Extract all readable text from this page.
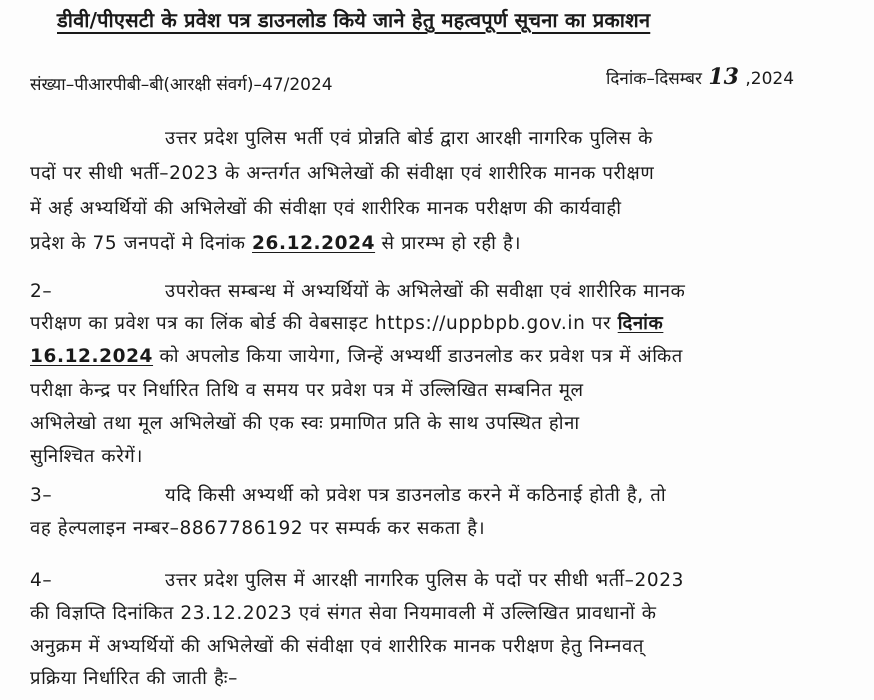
डीवी/पीएसटी के प्रवेश पत्र डाउनलोड किये जाने हेतु महत्वपूर्ण सूचना का प्रकाशन
संख्या–पीआरपीबी–बी(आरक्षी संवर्ग)–47/2024	दिनांक–दिसम्बर 13 ,2024
उत्तर प्रदेश पुलिस भर्ती एवं प्रोन्नति बोर्ड द्वारा आरक्षी नागरिक पुलिस के
पदों पर सीधी भर्ती–2023 के अन्तर्गत अभिलेखों की संवीक्षा एवं शारीरिक मानक परीक्षण
में अर्ह अभ्यर्थियों की अभिलेखों की संवीक्षा एवं शारीरिक मानक परीक्षण की कार्यवाही
प्रदेश के 75 जनपदों मे दिनांक 26.12.2024 से प्रारम्भ हो रही है।
2–	उपरोक्त सम्बन्ध में अभ्यर्थियों के अभिलेखों की सवीक्षा एवं शारीरिक मानक
परीक्षण का प्रवेश पत्र का लिंक बोर्ड की वेबसाइट https://uppbpb.gov.in पर दिनांक
16.12.2024 को अपलोड किया जायेगा, जिन्हें अभ्यर्थी डाउनलोड कर प्रवेश पत्र में अंकित
परीक्षा केन्द्र पर निर्धारित तिथि व समय पर प्रवेश पत्र में उल्लिखित सम्बनित मूल
अभिलेखो तथा मूल अभिलेखों की एक स्वः प्रमाणित प्रति के साथ उपस्थित होना
सुनिश्चित करेगें।
3–	यदि किसी अभ्यर्थी को प्रवेश पत्र डाउनलोड करने में कठिनाई होती है, तो
वह हेल्पलाइन नम्बर–8867786192 पर सम्पर्क कर सकता है।
4–	उत्तर प्रदेश पुलिस में आरक्षी नागरिक पुलिस के पदों पर सीधी भर्ती–2023
की विज्ञप्ति दिनांकित 23.12.2023 एवं संगत सेवा नियमावली में उल्लिखित प्रावधानों के
अनुक्रम में अभ्यर्थियों की अभिलेखों की संवीक्षा एवं शारीरिक मानक परीक्षण हेतु निम्नवत्
प्रक्रिया निर्धारित की जाती हैः–
